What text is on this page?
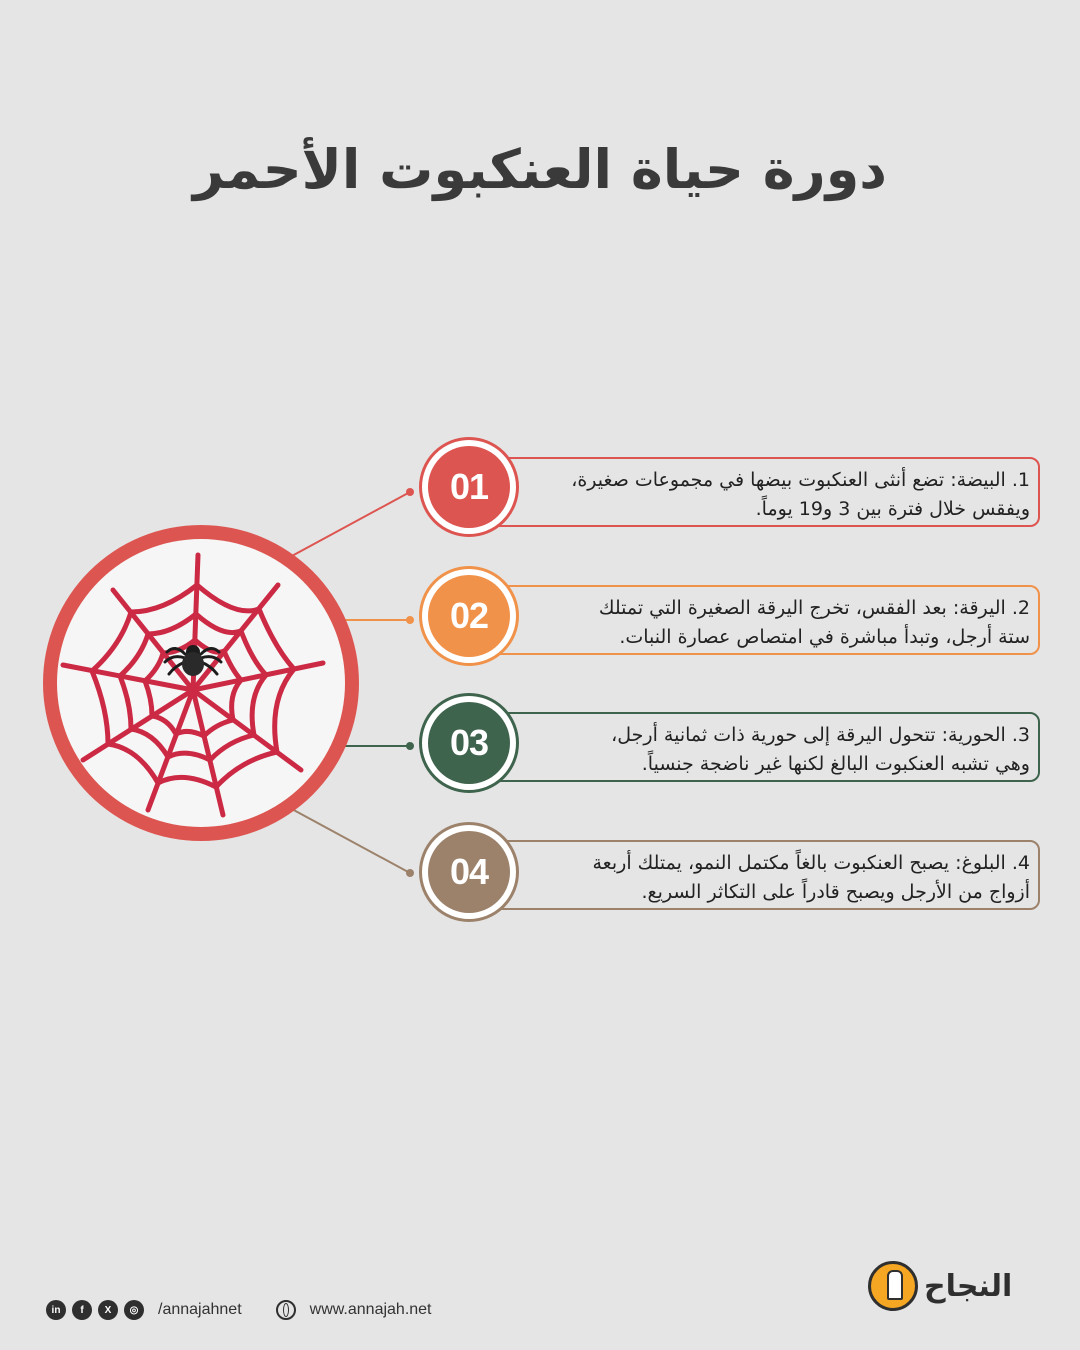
دورة حياة العنكبوت الأحمر
1. البيضة: تضع أنثى العنكبوت بيضها في مجموعات صغيرة،
ويفقس خلال فترة بين 3 و19 يوماً.
01
2. اليرقة: بعد الفقس، تخرج اليرقة الصغيرة التي تمتلك
ستة أرجل، وتبدأ مباشرة في امتصاص عصارة النبات.
02
3. الحورية: تتحول اليرقة إلى حورية ذات ثمانية أرجل،
وهي تشبه العنكبوت البالغ لكنها غير ناضجة جنسياً.
03
4. البلوغ: يصبح العنكبوت بالغاً مكتمل النمو، يمتلك أربعة
أزواج من الأرجل ويصبح قادراً على التكاثر السريع.
04
in	f	X	◎	/annajahnet	www.annajah.net
النجاح
